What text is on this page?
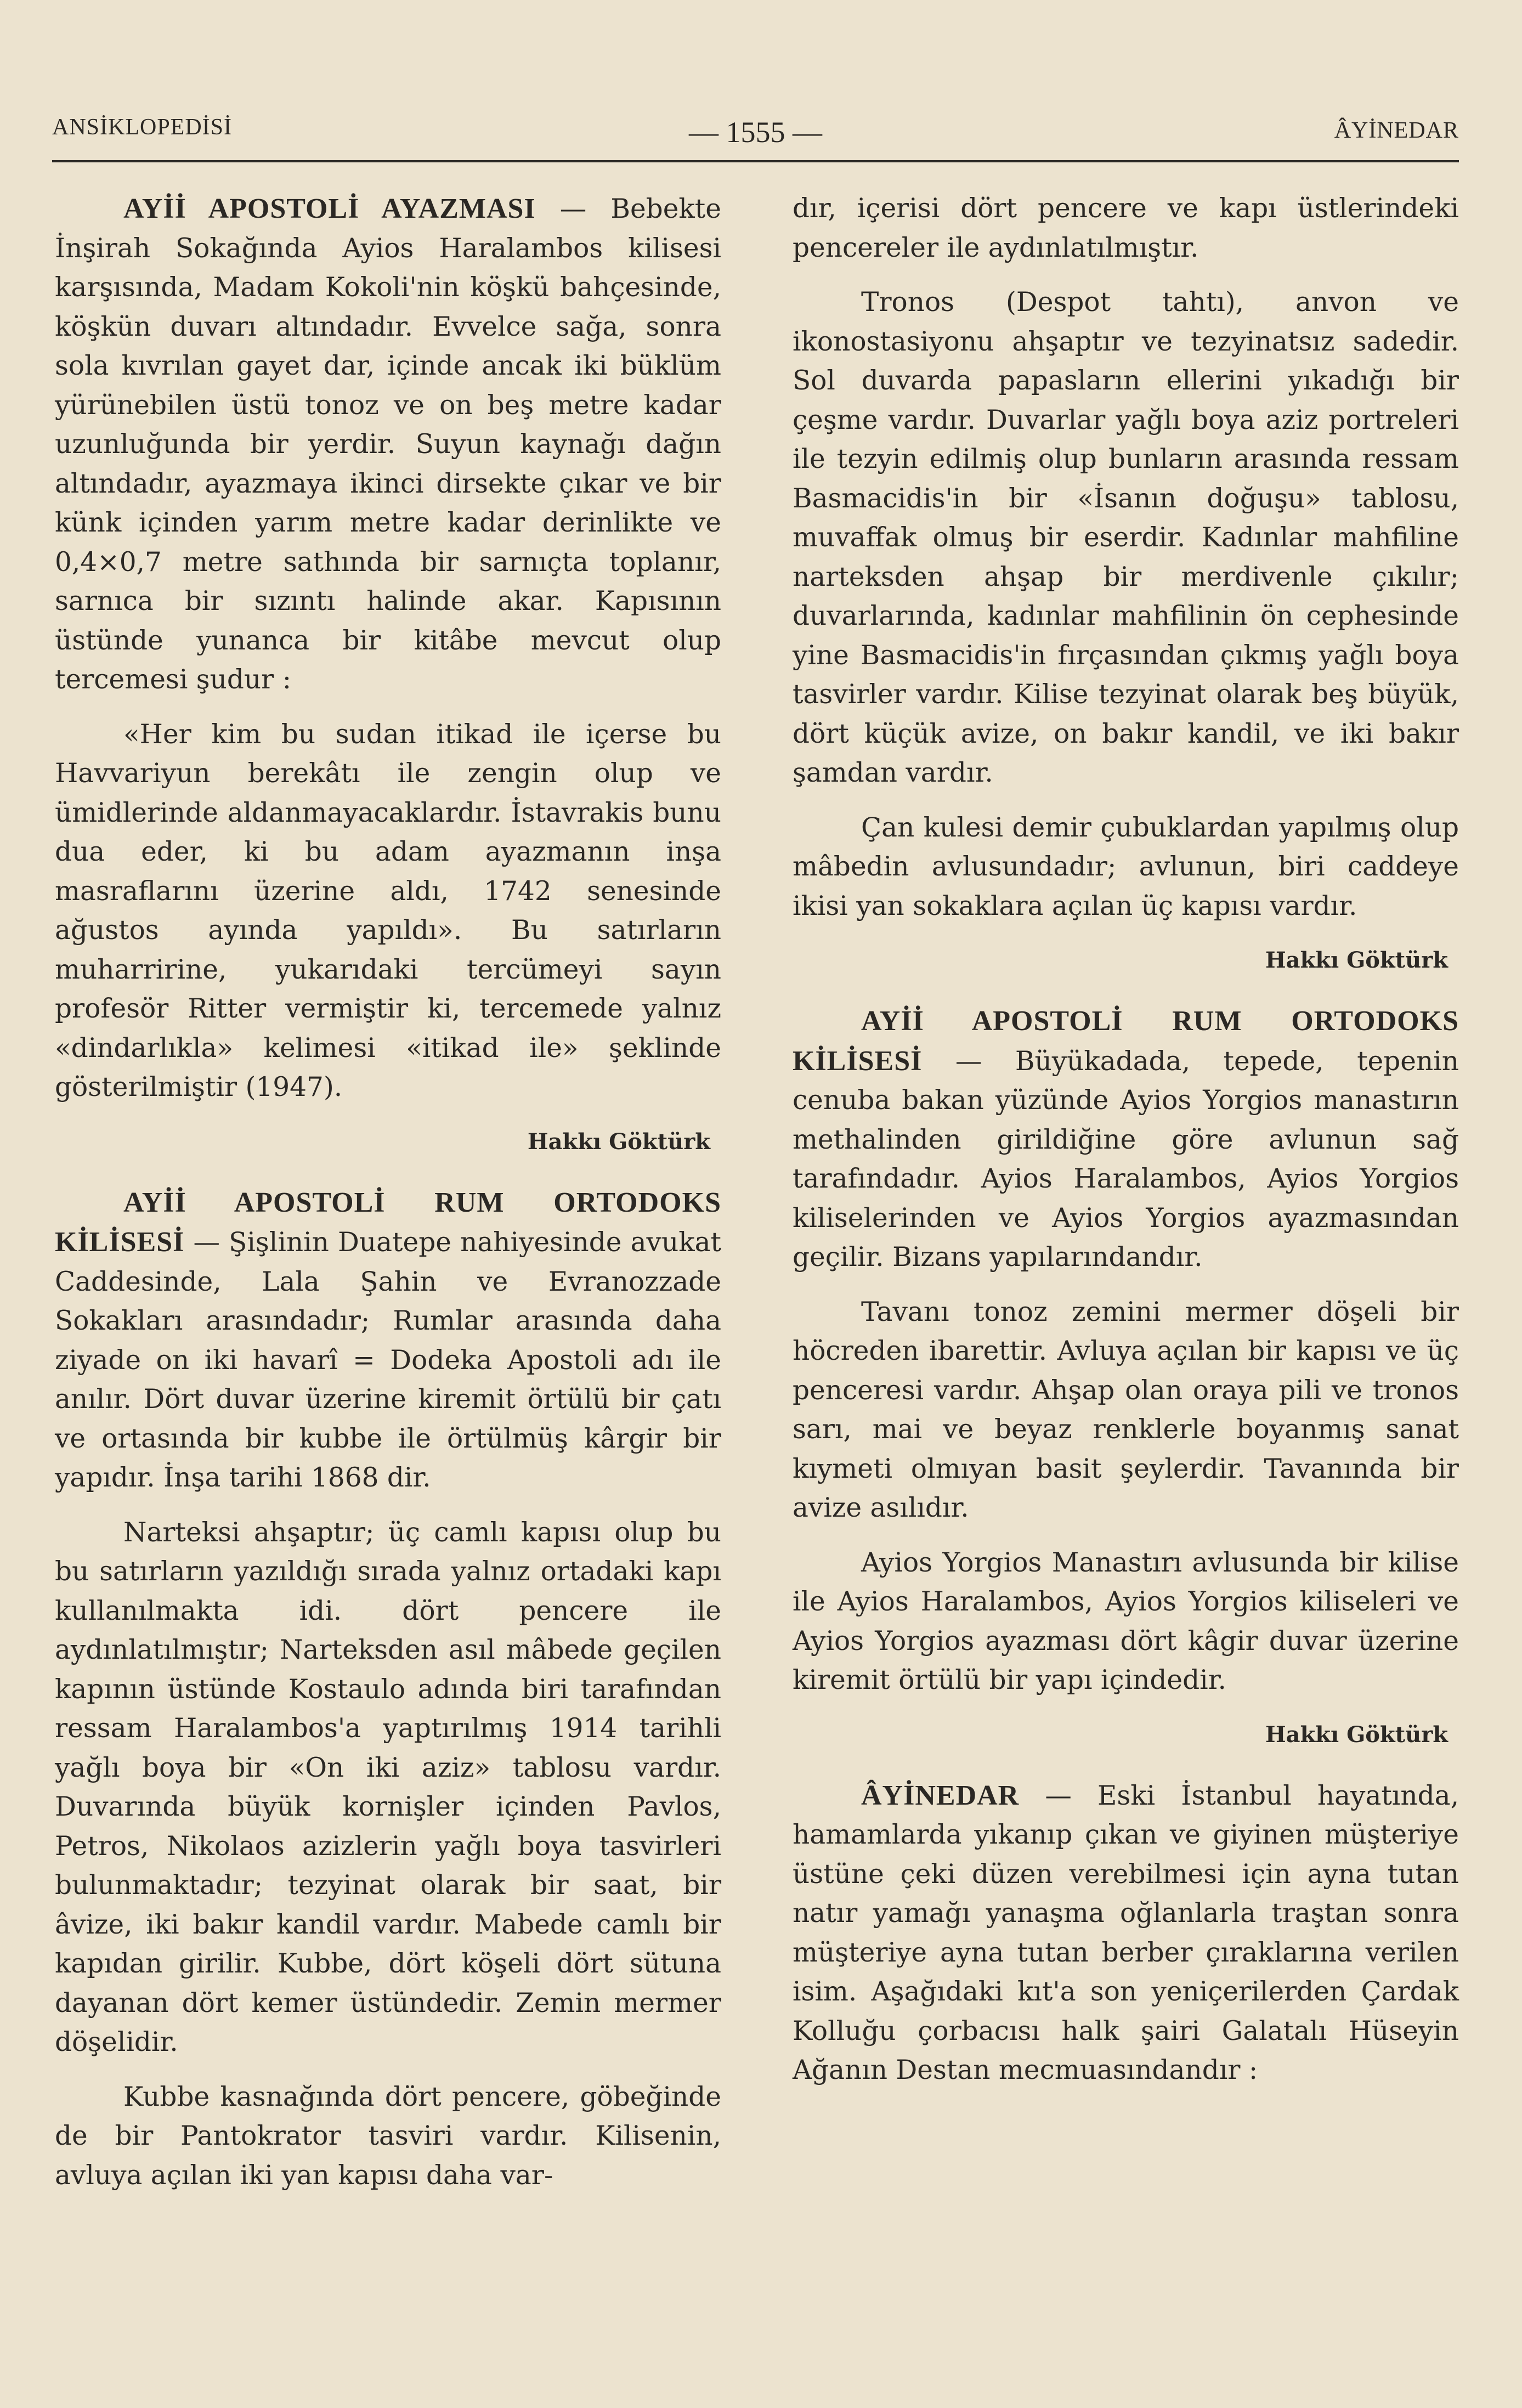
ANSİKLOPEDİSİ	— 1555 —	ÂYİNEDAR

AYİİ APOSTOLİ AYAZMASI — Bebekte İnşirah Sokağında Ayios Haralambos kilisesi karşısında, Madam Kokoli'nin köşkü bahçesinde, köşkün duvarı altındadır. Evvelce sağa, sonra sola kıvrılan gayet dar, içinde ancak iki büklüm yürünebilen üstü tonoz ve on beş metre kadar uzunluğunda bir yerdir. Suyun kaynağı dağın altındadır, ayazmaya ikinci dirsekte çıkar ve bir künk içinden yarım metre kadar derinlikte ve 0,4×0,7 metre sathında bir sarnıçta toplanır, sarnıca bir sızıntı halinde akar. Kapısının üstünde yunanca bir kitâbe mevcut olup tercemesi şudur :

«Her kim bu sudan itikad ile içerse bu Havvariyun berekâtı ile zengin olup ve ümidlerinde aldanmayacaklardır. İstavrakis bunu dua eder, ki bu adam ayazmanın inşa masraflarını üzerine aldı, 1742 senesinde ağustos ayında yapıldı». Bu satırların muharririne, yukarıdaki tercümeyi sayın profesör Ritter vermiştir ki, tercemede yalnız «dindarlıkla» kelimesi «itikad ile» şeklinde gösterilmiştir (1947).

Hakkı Göktürk

AYİİ APOSTOLİ RUM ORTODOKS KİLİSESİ — Şişlinin Duatepe nahiyesinde avukat Caddesinde, Lala Şahin ve Evranozzade Sokakları arasındadır; Rumlar arasında daha ziyade on iki havarî = Dodeka Apostoli adı ile anılır. Dört duvar üzerine kiremit örtülü bir çatı ve ortasında bir kubbe ile örtülmüş kârgir bir yapıdır. İnşa tarihi 1868 dir.

Narteksi ahşaptır; üç camlı kapısı olup bu bu satırların yazıldığı sırada yalnız ortadaki kapı kullanılmakta idi. dört pencere ile aydınlatılmıştır; Narteksden asıl mâbede geçilen kapının üstünde Kostaulo adında biri tarafından ressam Haralambos'a yaptırılmış 1914 tarihli yağlı boya bir «On iki aziz» tablosu vardır. Duvarında büyük kornişler içinden Pavlos, Petros, Nikolaos azizlerin yağlı boya tasvirleri bulunmaktadır; tezyinat olarak bir saat, bir âvize, iki bakır kandil vardır. Mabede camlı bir kapıdan girilir. Kubbe, dört köşeli dört sütuna dayanan dört kemer üstündedir. Zemin mermer döşelidir.

Kubbe kasnağında dört pencere, göbeğinde de bir Pantokrator tasviri vardır. Kilisenin, avluya açılan iki yan kapısı daha var-

dır, içerisi dört pencere ve kapı üstlerindeki pencereler ile aydınlatılmıştır.

Tronos (Despot tahtı), anvon ve ikonostasiyonu ahşaptır ve tezyinatsız sadedir. Sol duvarda papasların ellerini yıkadığı bir çeşme vardır. Duvarlar yağlı boya aziz portreleri ile tezyin edilmiş olup bunların arasında ressam Basmacidis'in bir «İsanın doğuşu» tablosu, muvaffak olmuş bir eserdir. Kadınlar mahfiline narteksden ahşap bir merdivenle çıkılır; duvarlarında, kadınlar mahfilinin ön cephesinde yine Basmacidis'in fırçasından çıkmış yağlı boya tasvirler vardır. Kilise tezyinat olarak beş büyük, dört küçük avize, on bakır kandil, ve iki bakır şamdan vardır.

Çan kulesi demir çubuklardan yapılmış olup mâbedin avlusundadır; avlunun, biri caddeye ikisi yan sokaklara açılan üç kapısı vardır.

Hakkı Göktürk

AYİİ APOSTOLİ RUM ORTODOKS KİLİSESİ — Büyükadada, tepede, tepenin cenuba bakan yüzünde Ayios Yorgios manastırın methalinden girildiğine göre avlunun sağ tarafındadır. Ayios Haralambos, Ayios Yorgios kiliselerinden ve Ayios Yorgios ayazmasından geçilir. Bizans yapılarındandır.

Tavanı tonoz zemini mermer döşeli bir höcreden ibarettir. Avluya açılan bir kapısı ve üç penceresi vardır. Ahşap olan oraya pili ve tronos sarı, mai ve beyaz renklerle boyanmış sanat kıymeti olmıyan basit şeylerdir. Tavanında bir avize asılıdır.

Ayios Yorgios Manastırı avlusunda bir kilise ile Ayios Haralambos, Ayios Yorgios kiliseleri ve Ayios Yorgios ayazması dört kâgir duvar üzerine kiremit örtülü bir yapı içindedir.

Hakkı Göktürk

ÂYİNEDAR — Eski İstanbul hayatında, hamamlarda yıkanıp çıkan ve giyinen müşteriye üstüne çeki düzen verebilmesi için ayna tutan natır yamağı yanaşma oğlanlarla traştan sonra müşteriye ayna tutan berber çıraklarına verilen isim. Aşağıdaki kıt'a son yeniçerilerden Çardak Kolluğu çorbacısı halk şairi Galatalı Hüseyin Ağanın Destan mecmuasındandır :
